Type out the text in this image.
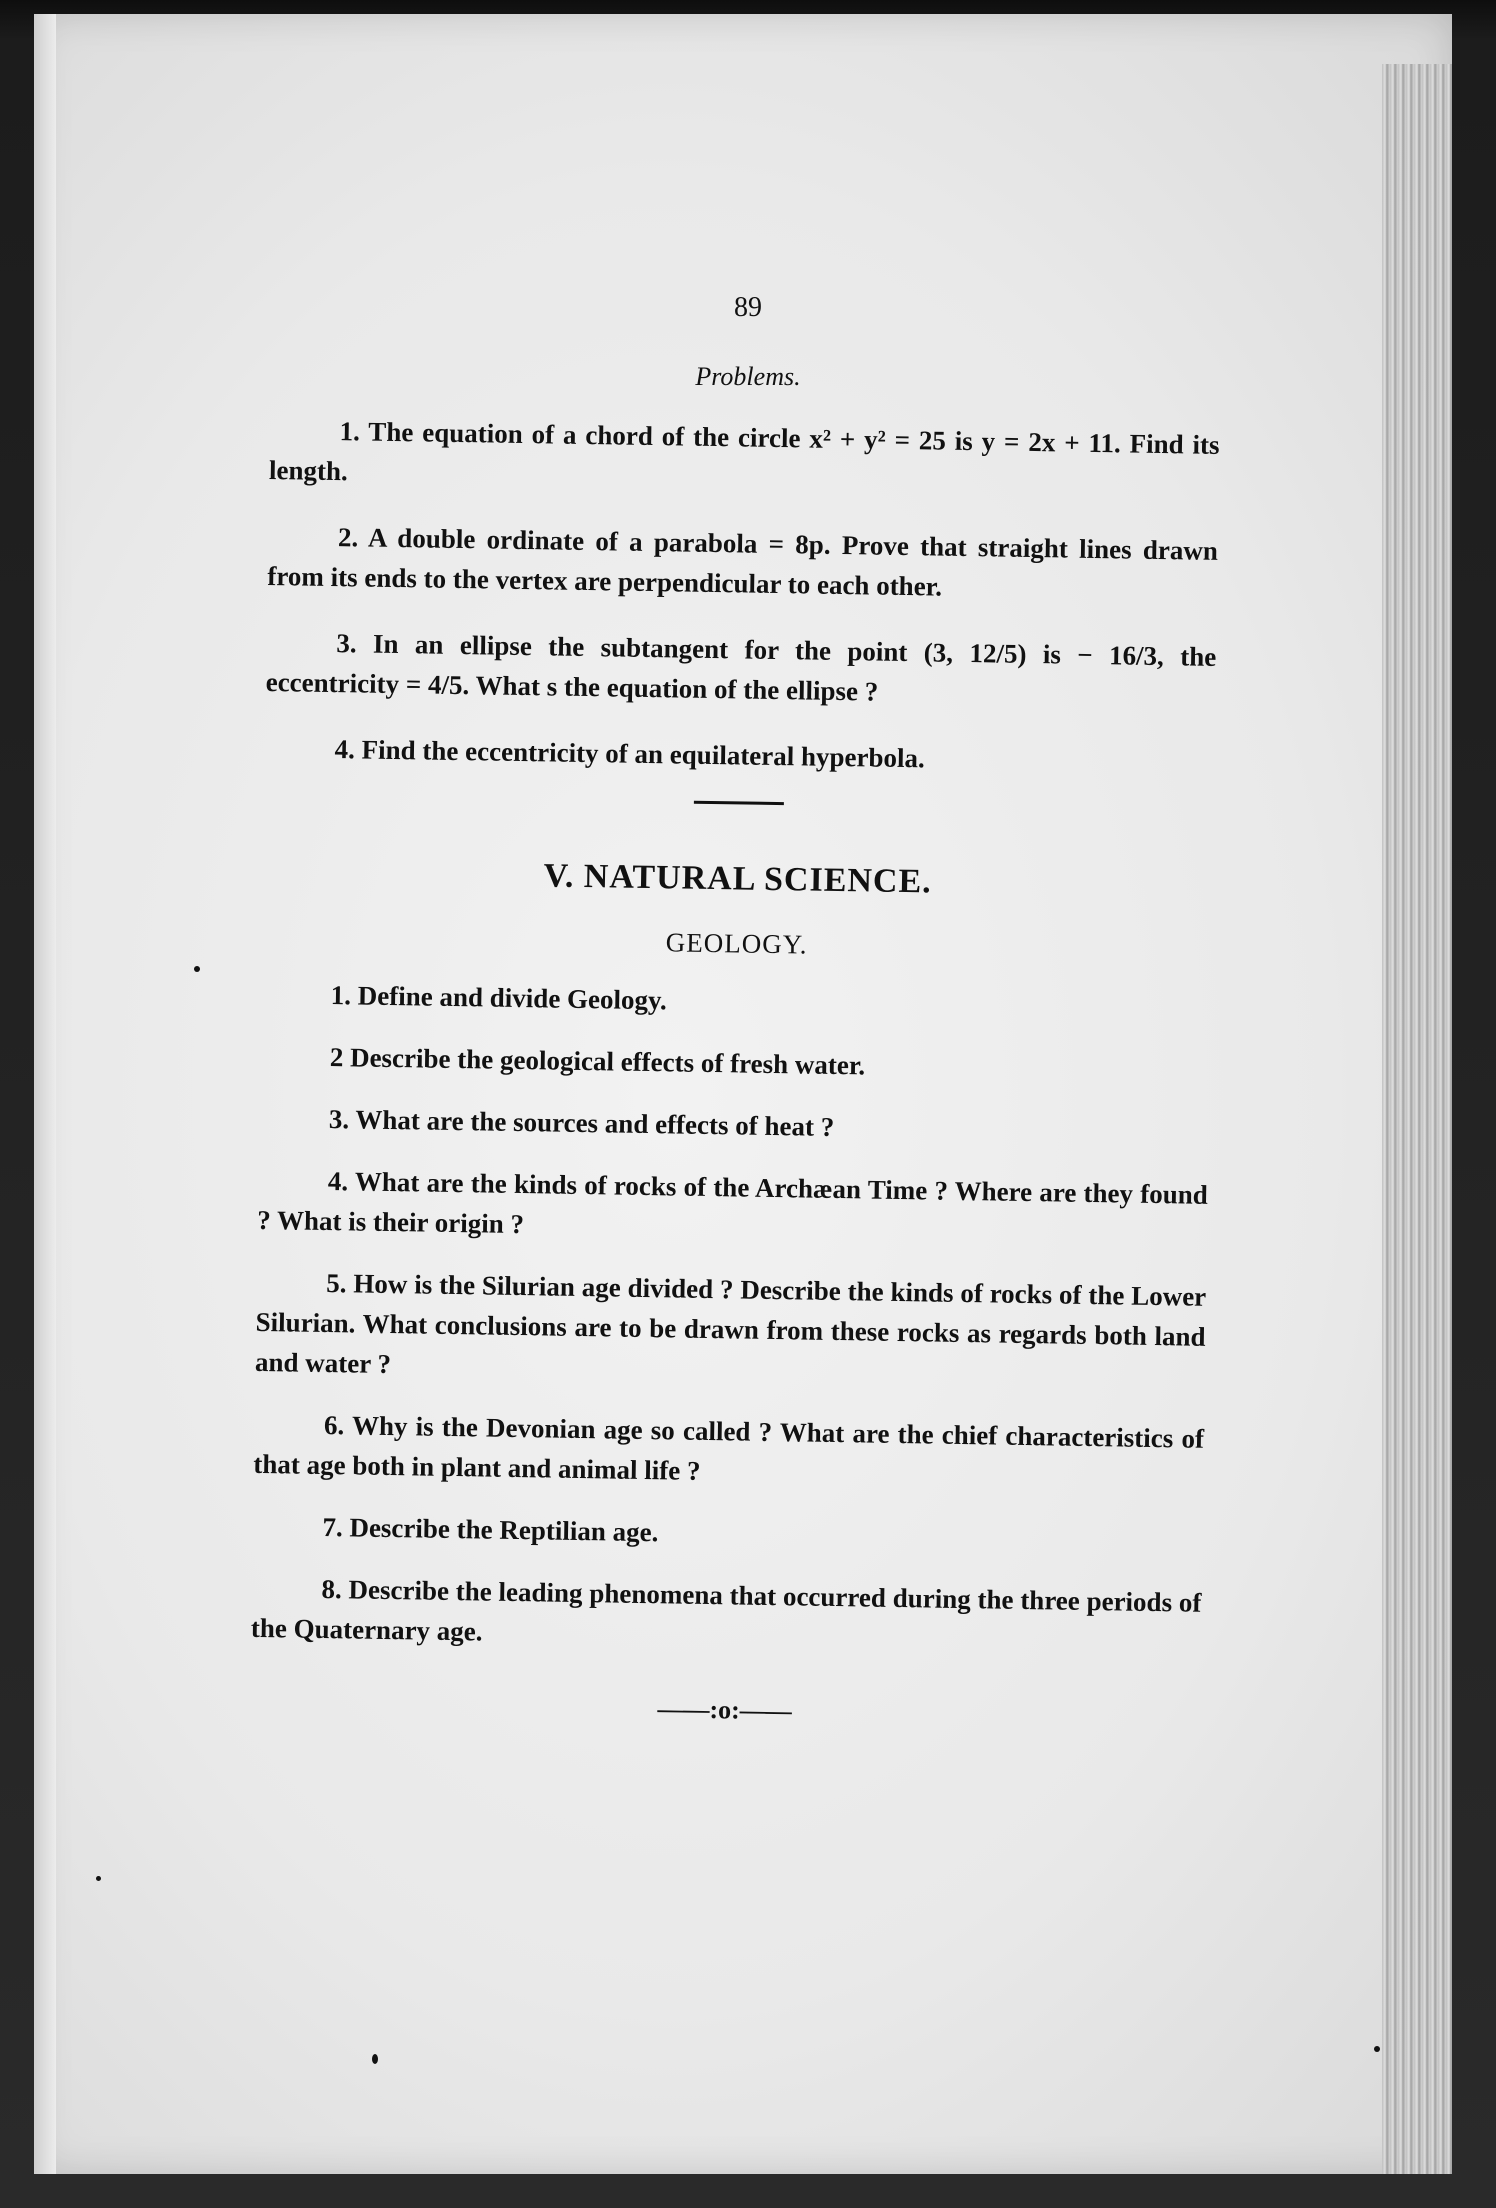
89
Problems.

1. The equation of a chord of the circle x² + y² = 25 is y = 2x + 11. Find its length.

2. A double ordinate of a parabola = 8p. Prove that straight lines drawn from its ends to the vertex are perpendicular to each other.

3. In an ellipse the subtangent for the point (3, 12/5) is − 16/3, the eccentricity = 4/5. What s the equation of the ellipse ?

4. Find the eccentricity of an equilateral hyperbola.

V. NATURAL SCIENCE.
GEOLOGY.

1. Define and divide Geology.

2 Describe the geological effects of fresh water.

3. What are the sources and effects of heat ?

4. What are the kinds of rocks of the Archæan Time ? Where are they found ? What is their origin ?

5. How is the Silurian age divided ? Describe the kinds of rocks of the Lower Silurian. What conclusions are to be drawn from these rocks as regards both land and water ?

6. Why is the Devonian age so called ? What are the chief characteristics of that age both in plant and animal life ?

7. Describe the Reptilian age.

8. Describe the leading phenomena that occurred during the three periods of the Quaternary age.

——:o:——
